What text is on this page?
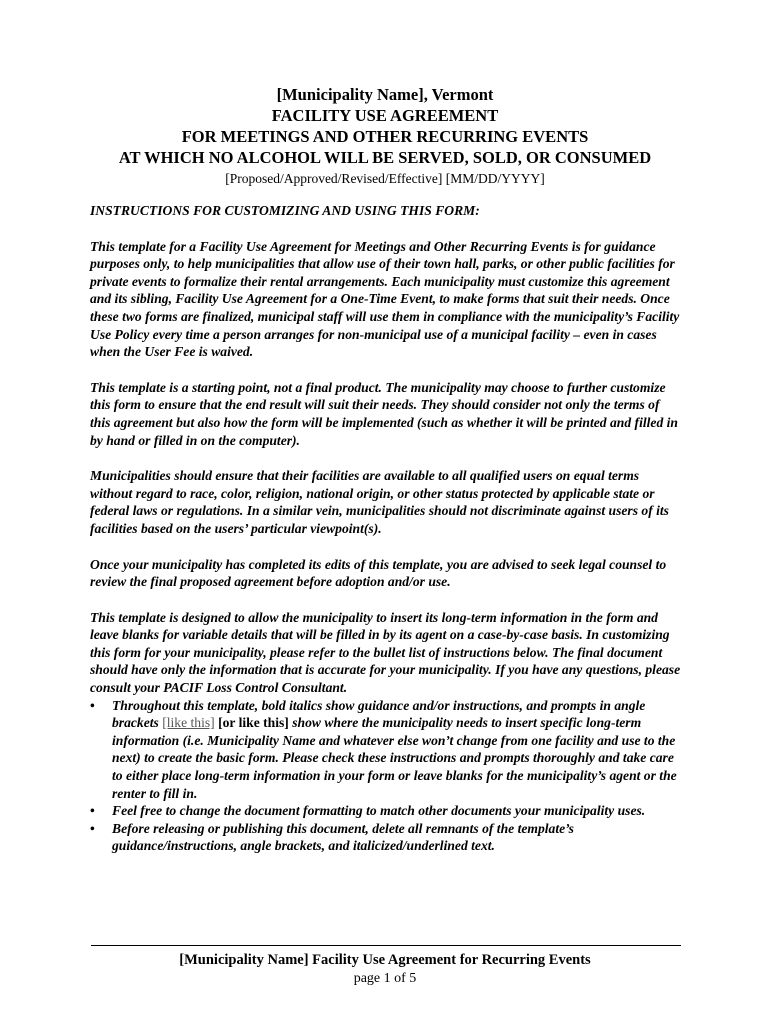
[Municipality Name], Vermont
FACILITY USE AGREEMENT
FOR MEETINGS AND OTHER RECURRING EVENTS
AT WHICH NO ALCOHOL WILL BE SERVED, SOLD, OR CONSUMED
[Proposed/Approved/Revised/Effective] [MM/DD/YYYY]

INSTRUCTIONS FOR CUSTOMIZING AND USING THIS FORM:

This template for a Facility Use Agreement for Meetings and Other Recurring Events is for guidance purposes only, to help municipalities that allow use of their town hall, parks, or other public facilities for private events to formalize their rental arrangements. Each municipality must customize this agreement and its sibling, Facility Use Agreement for a One-Time Event, to make forms that suit their needs. Once these two forms are finalized, municipal staff will use them in compliance with the municipality’s Facility Use Policy every time a person arranges for non-municipal use of a municipal facility – even in cases when the User Fee is waived.

This template is a starting point, not a final product. The municipality may choose to further customize this form to ensure that the end result will suit their needs. They should consider not only the terms of this agreement but also how the form will be implemented (such as whether it will be printed and filled in by hand or filled in on the computer).

Municipalities should ensure that their facilities are available to all qualified users on equal terms without regard to race, color, religion, national origin, or other status protected by applicable state or federal laws or regulations. In a similar vein, municipalities should not discriminate against users of its facilities based on the users’ particular viewpoint(s).

Once your municipality has completed its edits of this template, you are advised to seek legal counsel to review the final proposed agreement before adoption and/or use.

This template is designed to allow the municipality to insert its long-term information in the form and leave blanks for variable details that will be filled in by its agent on a case-by-case basis. In customizing this form for your municipality, please refer to the bullet list of instructions below. The final document should have only the information that is accurate for your municipality. If you have any questions, please consult your PACIF Loss Control Consultant.

• Throughout this template, bold italics show guidance and/or instructions, and prompts in angle brackets [like this] [or like this] show where the municipality needs to insert specific long-term information (i.e. Municipality Name and whatever else won’t change from one facility and use to the next) to create the basic form. Please check these instructions and prompts thoroughly and take care to either place long-term information in your form or leave blanks for the municipality’s agent or the renter to fill in.
• Feel free to change the document formatting to match other documents your municipality uses.
• Before releasing or publishing this document, delete all remnants of the template’s guidance/instructions, angle brackets, and italicized/underlined text.
[Municipality Name] Facility Use Agreement for Recurring Events
page 1 of 5
